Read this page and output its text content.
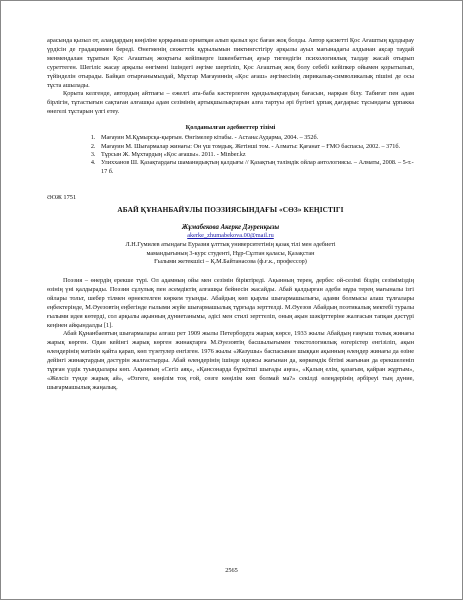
арасында қызыл от, алаңдардың көңіліне қорқыныш орнатқан алып қызыл қос баған жоқ болды. Автор қасиетті Қос Ағаштың құлдырау үрдісін де градациямен береді. Өнегменің сюжеттік құрылымын пиктингстігiру арқылы ауыл мағынадағы алдынан ақсар таудай менмендалан тұратын Қос Ағаштың жоқтығы кейіпкерге ішкенбаттың ауыр тигендігін психологиялық талдау жасай отырып суреттеген. Шегіліс жасау арқылы өнгімені ішіндегі әңгіме шертіліп, Қос Ағаштың жоқ болу себебі кейіпкер ойымен қорытылып, түйінделін отырады. Байқап отырғанымыздай, Мұхтар Мағауиннің «Қос ағаш» әңгімесінің лирикалық-символикалық пішіні де осы тұста ашылады.

Қорыта келгенде, автордың айтпағы – ежелгі ата-баба кәстерлеген құндылықтардың бағасын, нарқын білу. Табиғат пен адам бірлігін, тұтастығын сақтаған алғашқы адам сезімінің артықшылықтарын алға тартуы әрі бүгінгі ұрпақ дағдарыс тұсындағы ұрпакка өнегелі тұстарын үлгі етеу.

Қолданылған әдебиеттер тізімі
1. Мағауин М.Құмырсқа-қырғын. Өнгімелер кітабы. - Астана:Аударма, 2004. – 352б.
2. Мағауин М. Шығармалар жинағы: Он үш томдық. Жетінші том. - Алматы: Қағанат – ҒМО баспасы, 2002. – 371б.
3. Тұрсын Ж. Мұхтардың «Қос ағашы». 2011. - Minber.kz
4. Улихханов Ш. Қазақтардағы шаманидықтың қалдығы // Қазақтың тәлімдік ойлар антологиясы. – Алматы, 2008. – 5-т.- 17 б.
ӘОЖ 1751
АБАЙ ҚҰНАНБАЙҰЛЫ ПОЭЗИЯСЫНДАҒЫ «СӨЗ» КЕҢІСТІГІ
Жұмабекова Акерке Дәуренқызы
akerke_zhumabekova.00@mail.ru
Л.Н.Гумилев атындағы Еуразия ұлттық университетінің қазақ тілі мен әдебиеті
мамандығының 3-курс студенті, Нұр-Сұлтан қаласы, Қазақстан
Ғылыми жетекшісі – Қ.М.Байтанасова (ф.ғ.к., профессор)

Поэзия – өнердің ерекше түрі. Ол адамның ойы мен сезімін біріктіреді. Ақынның терең, дербес ой-сезімі біздің сезіміміздің өзінің үні қалдырады. Поэзия сұлулық пен әсемдіктің алғашқы бейнесін жасайды. Абай қалдырған әдеби мұра терең мағыналы ізгі ойлары тольт, шебер тілмен өрнектелген көркем туынды. Абайдың көп қырлы шығармашылығы, адами болмысы алаш тұлғалары еңбектерінде, М.Әуезовтің еңбегінде ғылыми жүйе шығармашылық тұрғыда зерттелді. М.Әуезов Абайдың поэтикалық мектебі туралы ғылыми идея көтерді, сол арқылы ақынның дүниетанымы, әдісі мен стилі зерттеліп, оның ақын шәкірттеріне жалғасын тапқан дәстүрі кеңінен айқындалды [1].

Абай Құнанбаевтың шығармалары алғаш рет 1909 жылы Петербордта жарық көрсе, 1933 жылы Абайдың ғаңғыш толық жинағы жарық көрген. Одан кейінгі жарық көрген жинақтарға М.Әуезовтің басшылығымен текстологиялық өзгерістер енгізіліп, ақын өлеңдерінің мәтінін қайта қарап, көп түзетулер енгізген. 1976 жылы «Жазушы» баспасынан шыққан ақынның өлеңдер жинағы да өзіне дейінгі жинақтардың дәстүрін жалғастырды. Абай өлеңдерінің ішінде идеясы жағынан да, көркемдік бітімі жағынан да ерекшеленіп тұрған үздік туындылары көп. Ақынның «Сегіз аяқ», «Қансонарда бүркітші шығады аңға», «Қалың елім, қазағым, қайран жұртым», «Желсіз түнде жарық ай», «Өзгеге, көңілім тоқ ғой, сөзге көңілім көп болмай ма?» секілді өлеңдерінің әрбіреуі тың дүние, шығармашылық жаңалық.

2565
